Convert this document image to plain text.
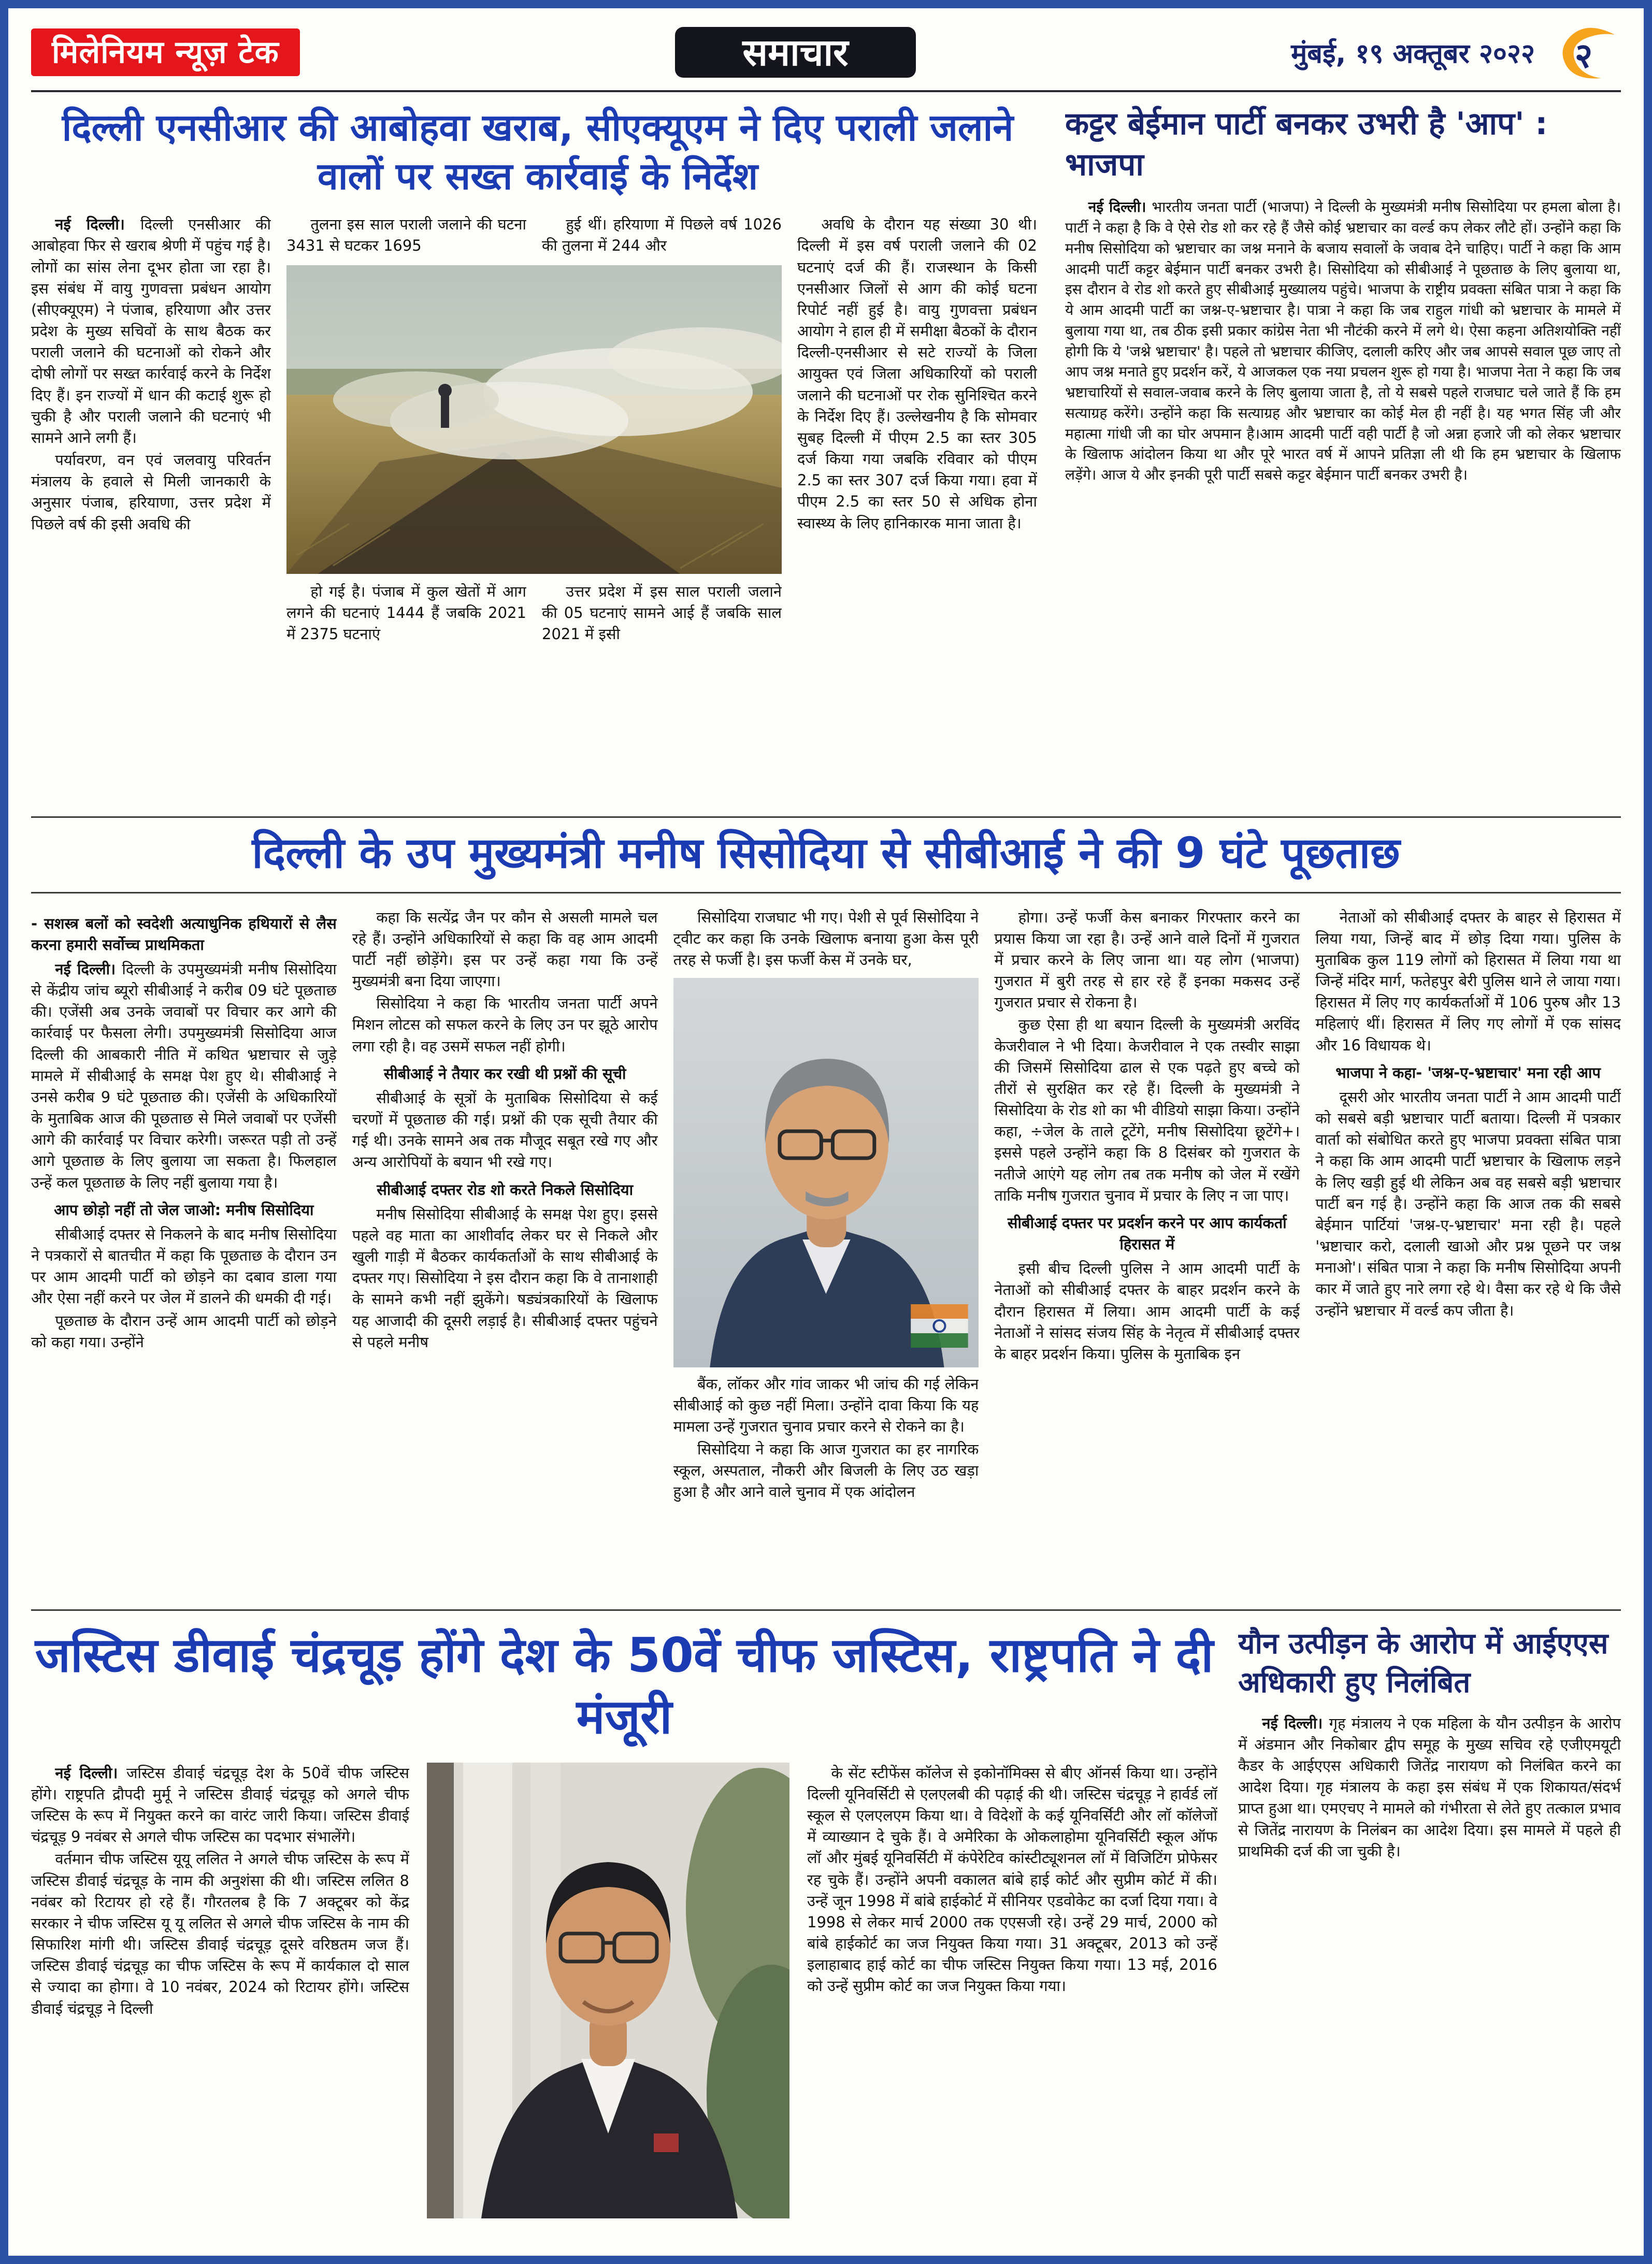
मिलेनियम न्यूज़ टेक	समाचार	मुंबई, १९ अक्तूबर २०२२	२
दिल्ली एनसीआर की आबोहवा खराब, सीएक्यूएम ने दिए पराली जलाने वालों पर सख्त कार्रवाई के निर्देश

नई दिल्ली। दिल्ली एनसीआर की आबोहवा फिर से खराब श्रेणी में पहुंच गई है। लोगों का सांस लेना दूभर होता जा रहा है। इस संबंध में वायु गुणवत्ता प्रबंधन आयोग (सीएक्यूएम) ने पंजाब, हरियाणा और उत्तर प्रदेश के मुख्य सचिवों के साथ बैठक कर पराली जलाने की घटनाओं को रोकने और दोषी लोगों पर सख्त कार्रवाई करने के निर्देश दिए हैं। इन राज्यों में धान की कटाई शुरू हो चुकी है और पराली जलाने की घटनाएं भी सामने आने लगी हैं।

पर्यावरण, वन एवं जलवायु परिवर्तन मंत्रालय के हवाले से मिली जानकारी के अनुसार पंजाब, हरियाणा, उत्तर प्रदेश में पिछले वर्ष की इसी अवधि की

तुलना इस साल पराली जलाने की घटना 3431 से घटकर 1695

हुई थीं। हरियाणा में पिछले वर्ष 1026 की तुलना में 244 और

हो गई है। पंजाब में कुल खेतों में आग लगने की घटनाएं 1444 हैं जबकि 2021 में 2375 घटनाएं

उत्तर प्रदेश में इस साल पराली जलाने की 05 घटनाएं सामने आई हैं जबकि साल 2021 में इसी

अवधि के दौरान यह संख्या 30 थी। दिल्ली में इस वर्ष पराली जलाने की 02 घटनाएं दर्ज की हैं। राजस्थान के किसी एनसीआर जिलों से आग की कोई घटना रिपोर्ट नहीं हुई है। वायु गुणवत्ता प्रबंधन आयोग ने हाल ही में समीक्षा बैठकों के दौरान दिल्ली-एनसीआर से सटे राज्यों के जिला आयुक्त एवं जिला अधिकारियों को पराली जलाने की घटनाओं पर रोक सुनिश्चित करने के निर्देश दिए हैं। उल्लेखनीय है कि सोमवार सुबह दिल्ली में पीएम 2.5 का स्तर 305 दर्ज किया गया जबकि रविवार को पीएम 2.5 का स्तर 307 दर्ज किया गया। हवा में पीएम 2.5 का स्तर 50 से अधिक होना स्वास्थ्य के लिए हानिकारक माना जाता है।

कट्टर बेईमान पार्टी बनकर उभरी है 'आप' : भाजपा

नई दिल्ली। भारतीय जनता पार्टी (भाजपा) ने दिल्ली के मुख्यमंत्री मनीष सिसोदिया पर हमला बोला है। पार्टी ने कहा है कि वे ऐसे रोड शो कर रहे हैं जैसे कोई भ्रष्टाचार का वर्ल्ड कप लेकर लौटे हों। उन्होंने कहा कि मनीष सिसोदिया को भ्रष्टाचार का जश्न मनाने के बजाय सवालों के जवाब देने चाहिए। पार्टी ने कहा कि आम आदमी पार्टी कट्टर बेईमान पार्टी बनकर उभरी है। सिसोदिया को सीबीआई ने पूछताछ के लिए बुलाया था, इस दौरान वे रोड शो करते हुए सीबीआई मुख्यालय पहुंचे। भाजपा के राष्ट्रीय प्रवक्ता संबित पात्रा ने कहा कि ये आम आदमी पार्टी का जश्न-ए-भ्रष्टाचार है। पात्रा ने कहा कि जब राहुल गांधी को भ्रष्टाचार के मामले में बुलाया गया था, तब ठीक इसी प्रकार कांग्रेस नेता भी नौटंकी करने में लगे थे। ऐसा कहना अतिशयोक्ति नहीं होगी कि ये 'जश्ने भ्रष्टाचार' है। पहले तो भ्रष्टाचार कीजिए, दलाली करिए और जब आपसे सवाल पूछ जाए तो आप जश्न मनाते हुए प्रदर्शन करें, ये आजकल एक नया प्रचलन शुरू हो गया है। भाजपा नेता ने कहा कि जब भ्रष्टाचारियों से सवाल-जवाब करने के लिए बुलाया जाता है, तो ये सबसे पहले राजघाट चले जाते हैं कि हम सत्याग्रह करेंगे। उन्होंने कहा कि सत्याग्रह और भ्रष्टाचार का कोई मेल ही नहीं है। यह भगत सिंह जी और महात्मा गांधी जी का घोर अपमान है।आम आदमी पार्टी वही पार्टी है जो अन्ना हजारे जी को लेकर भ्रष्टाचार के खिलाफ आंदोलन किया था और पूरे भारत वर्ष में आपने प्रतिज्ञा ली थी कि हम भ्रष्टाचार के खिलाफ लड़ेंगे। आज ये और इनकी पूरी पार्टी सबसे कट्टर बेईमान पार्टी बनकर उभरी है।

दिल्ली के उप मुख्यमंत्री मनीष सिसोदिया से सीबीआई ने की 9 घंटे पूछताछ

- सशस्त्र बलों को स्वदेशी अत्याधुनिक हथियारों से लैस करना हमारी सर्वोच्च प्राथमिकता

नई दिल्ली। दिल्ली के उपमुख्यमंत्री मनीष सिसोदिया से केंद्रीय जांच ब्यूरो सीबीआई ने करीब 09 घंटे पूछताछ की। एजेंसी अब उनके जवाबों पर विचार कर आगे की कार्रवाई पर फैसला लेगी। उपमुख्यमंत्री सिसोदिया आज दिल्ली की आबकारी नीति में कथित भ्रष्टाचार से जुड़े मामले में सीबीआई के समक्ष पेश हुए थे। सीबीआई ने उनसे करीब 9 घंटे पूछताछ की। एजेंसी के अधिकारियों के मुताबिक आज की पूछताछ से मिले जवाबों पर एजेंसी आगे की कार्रवाई पर विचार करेगी। जरूरत पड़ी तो उन्हें आगे पूछताछ के लिए बुलाया जा सकता है। फिलहाल उन्हें कल पूछताछ के लिए नहीं बुलाया गया है।

आप छोड़ो नहीं तो जेल जाओ: मनीष सिसोदिया

सीबीआई दफ्तर से निकलने के बाद मनीष सिसोदिया ने पत्रकारों से बातचीत में कहा कि पूछताछ के दौरान उन पर आम आदमी पार्टी को छोड़ने का दबाव डाला गया और ऐसा नहीं करने पर जेल में डालने की धमकी दी गई।

पूछताछ के दौरान उन्हें आम आदमी पार्टी को छोड़ने को कहा गया। उन्होंने

कहा कि सत्येंद्र जैन पर कौन से असली मामले चल रहे हैं। उन्होंने अधिकारियों से कहा कि वह आम आदमी पार्टी नहीं छोड़ेंगे। इस पर उन्हें कहा गया कि उन्हें मुख्यमंत्री बना दिया जाएगा।

सिसोदिया ने कहा कि भारतीय जनता पार्टी अपने मिशन लोटस को सफल करने के लिए उन पर झूठे आरोप लगा रही है। वह उसमें सफल नहीं होगी।

सीबीआई ने तैयार कर रखी थी प्रश्नों की सूची

सीबीआई के सूत्रों के मुताबिक सिसोदिया से कई चरणों में पूछताछ की गई। प्रश्नों की एक सूची तैयार की गई थी। उनके सामने अब तक मौजूद सबूत रखे गए और अन्य आरोपियों के बयान भी रखे गए।

सीबीआई दफ्तर रोड शो करते निकले सिसोदिया

मनीष सिसोदिया सीबीआई के समक्ष पेश हुए। इससे पहले वह माता का आशीर्वाद लेकर घर से निकले और खुली गाड़ी में बैठकर कार्यकर्ताओं के साथ सीबीआई के दफ्तर गए। सिसोदिया ने इस दौरान कहा कि वे तानाशाही के सामने कभी नहीं झुकेंगे। षड्यंत्रकारियों के खिलाफ यह आजादी की दूसरी लड़ाई है। सीबीआई दफ्तर पहुंचने से पहले मनीष

सिसोदिया राजघाट भी गए। पेशी से पूर्व सिसोदिया ने ट्वीट कर कहा कि उनके खिलाफ बनाया हुआ केस पूरी तरह से फर्जी है। इस फर्जी केस में उनके घर,

बैंक, लॉकर और गांव जाकर भी जांच की गई लेकिन सीबीआई को कुछ नहीं मिला। उन्होंने दावा किया कि यह मामला उन्हें गुजरात चुनाव प्रचार करने से रोकने का है।

सिसोदिया ने कहा कि आज गुजरात का हर नागरिक स्कूल, अस्पताल, नौकरी और बिजली के लिए उठ खड़ा हुआ है और आने वाले चुनाव में एक आंदोलन

होगा। उन्हें फर्जी केस बनाकर गिरफ्तार करने का प्रयास किया जा रहा है। उन्हें आने वाले दिनों में गुजरात में प्रचार करने के लिए जाना था। यह लोग (भाजपा) गुजरात में बुरी तरह से हार रहे हैं इनका मकसद उन्हें गुजरात प्रचार से रोकना है।

कुछ ऐसा ही था बयान दिल्ली के मुख्यमंत्री अरविंद केजरीवाल ने भी दिया। केजरीवाल ने एक तस्वीर साझा की जिसमें सिसोदिया ढाल से एक पढ़ते हुए बच्चे को तीरों से सुरक्षित कर रहे हैं। दिल्ली के मुख्यमंत्री ने सिसोदिया के रोड शो का भी वीडियो साझा किया। उन्होंने कहा, ÷जेल के ताले टूटेंगे, मनीष सिसोदिया छूटेंगे+। इससे पहले उन्होंने कहा कि 8 दिसंबर को गुजरात के नतीजे आएंगे यह लोग तब तक मनीष को जेल में रखेंगे ताकि मनीष गुजरात चुनाव में प्रचार के लिए न जा पाए।

सीबीआई दफ्तर पर प्रदर्शन करने पर आप कार्यकर्ता हिरासत में

इसी बीच दिल्ली पुलिस ने आम आदमी पार्टी के नेताओं को सीबीआई दफ्तर के बाहर प्रदर्शन करने के दौरान हिरासत में लिया। आम आदमी पार्टी के कई नेताओं ने सांसद संजय सिंह के नेतृत्व में सीबीआई दफ्तर के बाहर प्रदर्शन किया। पुलिस के मुताबिक इन

नेताओं को सीबीआई दफ्तर के बाहर से हिरासत में लिया गया, जिन्हें बाद में छोड़ दिया गया। पुलिस के मुताबिक कुल 119 लोगों को हिरासत में लिया गया था जिन्हें मंदिर मार्ग, फतेहपुर बेरी पुलिस थाने ले जाया गया। हिरासत में लिए गए कार्यकर्ताओं में 106 पुरुष और 13 महिलाएं थीं। हिरासत में लिए गए लोगों में एक सांसद और 16 विधायक थे।

भाजपा ने कहा- 'जश्न-ए-भ्रष्टाचार' मना रही आप

दूसरी ओर भारतीय जनता पार्टी ने आम आदमी पार्टी को सबसे बड़ी भ्रष्टाचार पार्टी बताया। दिल्ली में पत्रकार वार्ता को संबोधित करते हुए भाजपा प्रवक्ता संबित पात्रा ने कहा कि आम आदमी पार्टी भ्रष्टाचार के खिलाफ लड़ने के लिए खड़ी हुई थी लेकिन अब वह सबसे बड़ी भ्रष्टाचार पार्टी बन गई है। उन्होंने कहा कि आज तक की सबसे बेईमान पार्टियां 'जश्न-ए-भ्रष्टाचार' मना रही है। पहले 'भ्रष्टाचार करो, दलाली खाओ और प्रश्न पूछने पर जश्न मनाओ'। संबित पात्रा ने कहा कि मनीष सिसोदिया अपनी कार में जाते हुए नारे लगा रहे थे। वैसा कर रहे थे कि जैसे उन्होंने भ्रष्टाचार में वर्ल्ड कप जीता है।

जस्टिस डीवाई चंद्रचूड़ होंगे देश के 50वें चीफ जस्टिस, राष्ट्रपति ने दी मंजूरी

नई दिल्ली। जस्टिस डीवाई चंद्रचूड़ देश के 50वें चीफ जस्टिस होंगे। राष्ट्रपति द्रौपदी मुर्मू ने जस्टिस डीवाई चंद्रचूड़ को अगले चीफ जस्टिस के रूप में नियुक्त करने का वारंट जारी किया। जस्टिस डीवाई चंद्रचूड़ 9 नवंबर से अगले चीफ जस्टिस का पदभार संभालेंगे।

वर्तमान चीफ जस्टिस यूयू ललित ने अगले चीफ जस्टिस के रूप में जस्टिस डीवाई चंद्रचूड़ के नाम की अनुशंसा की थी। जस्टिस ललित 8 नवंबर को रिटायर हो रहे हैं। गौरतलब है कि 7 अक्टूबर को केंद्र सरकार ने चीफ जस्टिस यू यू ललित से अगले चीफ जस्टिस के नाम की सिफारिश मांगी थी। जस्टिस डीवाई चंद्रचूड़ दूसरे वरिष्ठतम जज हैं। जस्टिस डीवाई चंद्रचूड़ का चीफ जस्टिस के रूप में कार्यकाल दो साल से ज्यादा का होगा। वे 10 नवंबर, 2024 को रिटायर होंगे। जस्टिस डीवाई चंद्रचूड़ ने दिल्ली

के सेंट स्टीफेंस कॉलेज से इकोनॉमिक्स से बीए ऑनर्स किया था। उन्होंने दिल्ली यूनिवर्सिटी से एलएलबी की पढ़ाई की थी। जस्टिस चंद्रचूड़ ने हार्वर्ड लॉ स्कूल से एलएलएम किया था। वे विदेशों के कई यूनिवर्सिटी और लॉ कॉलेजों में व्याख्यान दे चुके हैं। वे अमेरिका के ओकलाहोमा यूनिवर्सिटी स्कूल ऑफ लॉ और मुंबई यूनिवर्सिटी में कंपेरेटिव कांस्टीट्यूशनल लॉ में विजिटिंग प्रोफेसर रह चुके हैं। उन्होंने अपनी वकालत बांबे हाई कोर्ट और सुप्रीम कोर्ट में की। उन्हें जून 1998 में बांबे हाईकोर्ट में सीनियर एडवोकेट का दर्जा दिया गया। वे 1998 से लेकर मार्च 2000 तक एएसजी रहे। उन्हें 29 मार्च, 2000 को बांबे हाईकोर्ट का जज नियुक्त किया गया। 31 अक्टूबर, 2013 को उन्हें इलाहाबाद हाई कोर्ट का चीफ जस्टिस नियुक्त किया गया। 13 मई, 2016 को उन्हें सुप्रीम कोर्ट का जज नियुक्त किया गया।

यौन उत्पीड़न के आरोप में आईएएस अधिकारी हुए निलंबित

नई दिल्ली। गृह मंत्रालय ने एक महिला के यौन उत्पीड़न के आरोप में अंडमान और निकोबार द्वीप समूह के मुख्य सचिव रहे एजीएमयूटी कैडर के आईएएस अधिकारी जितेंद्र नारायण को निलंबित करने का आदेश दिया। गृह मंत्रालय के कहा इस संबंध में एक शिकायत/संदर्भ प्राप्त हुआ था। एमएचए ने मामले को गंभीरता से लेते हुए तत्काल प्रभाव से जितेंद्र नारायण के निलंबन का आदेश दिया। इस मामले में पहले ही प्राथमिकी दर्ज की जा चुकी है।
